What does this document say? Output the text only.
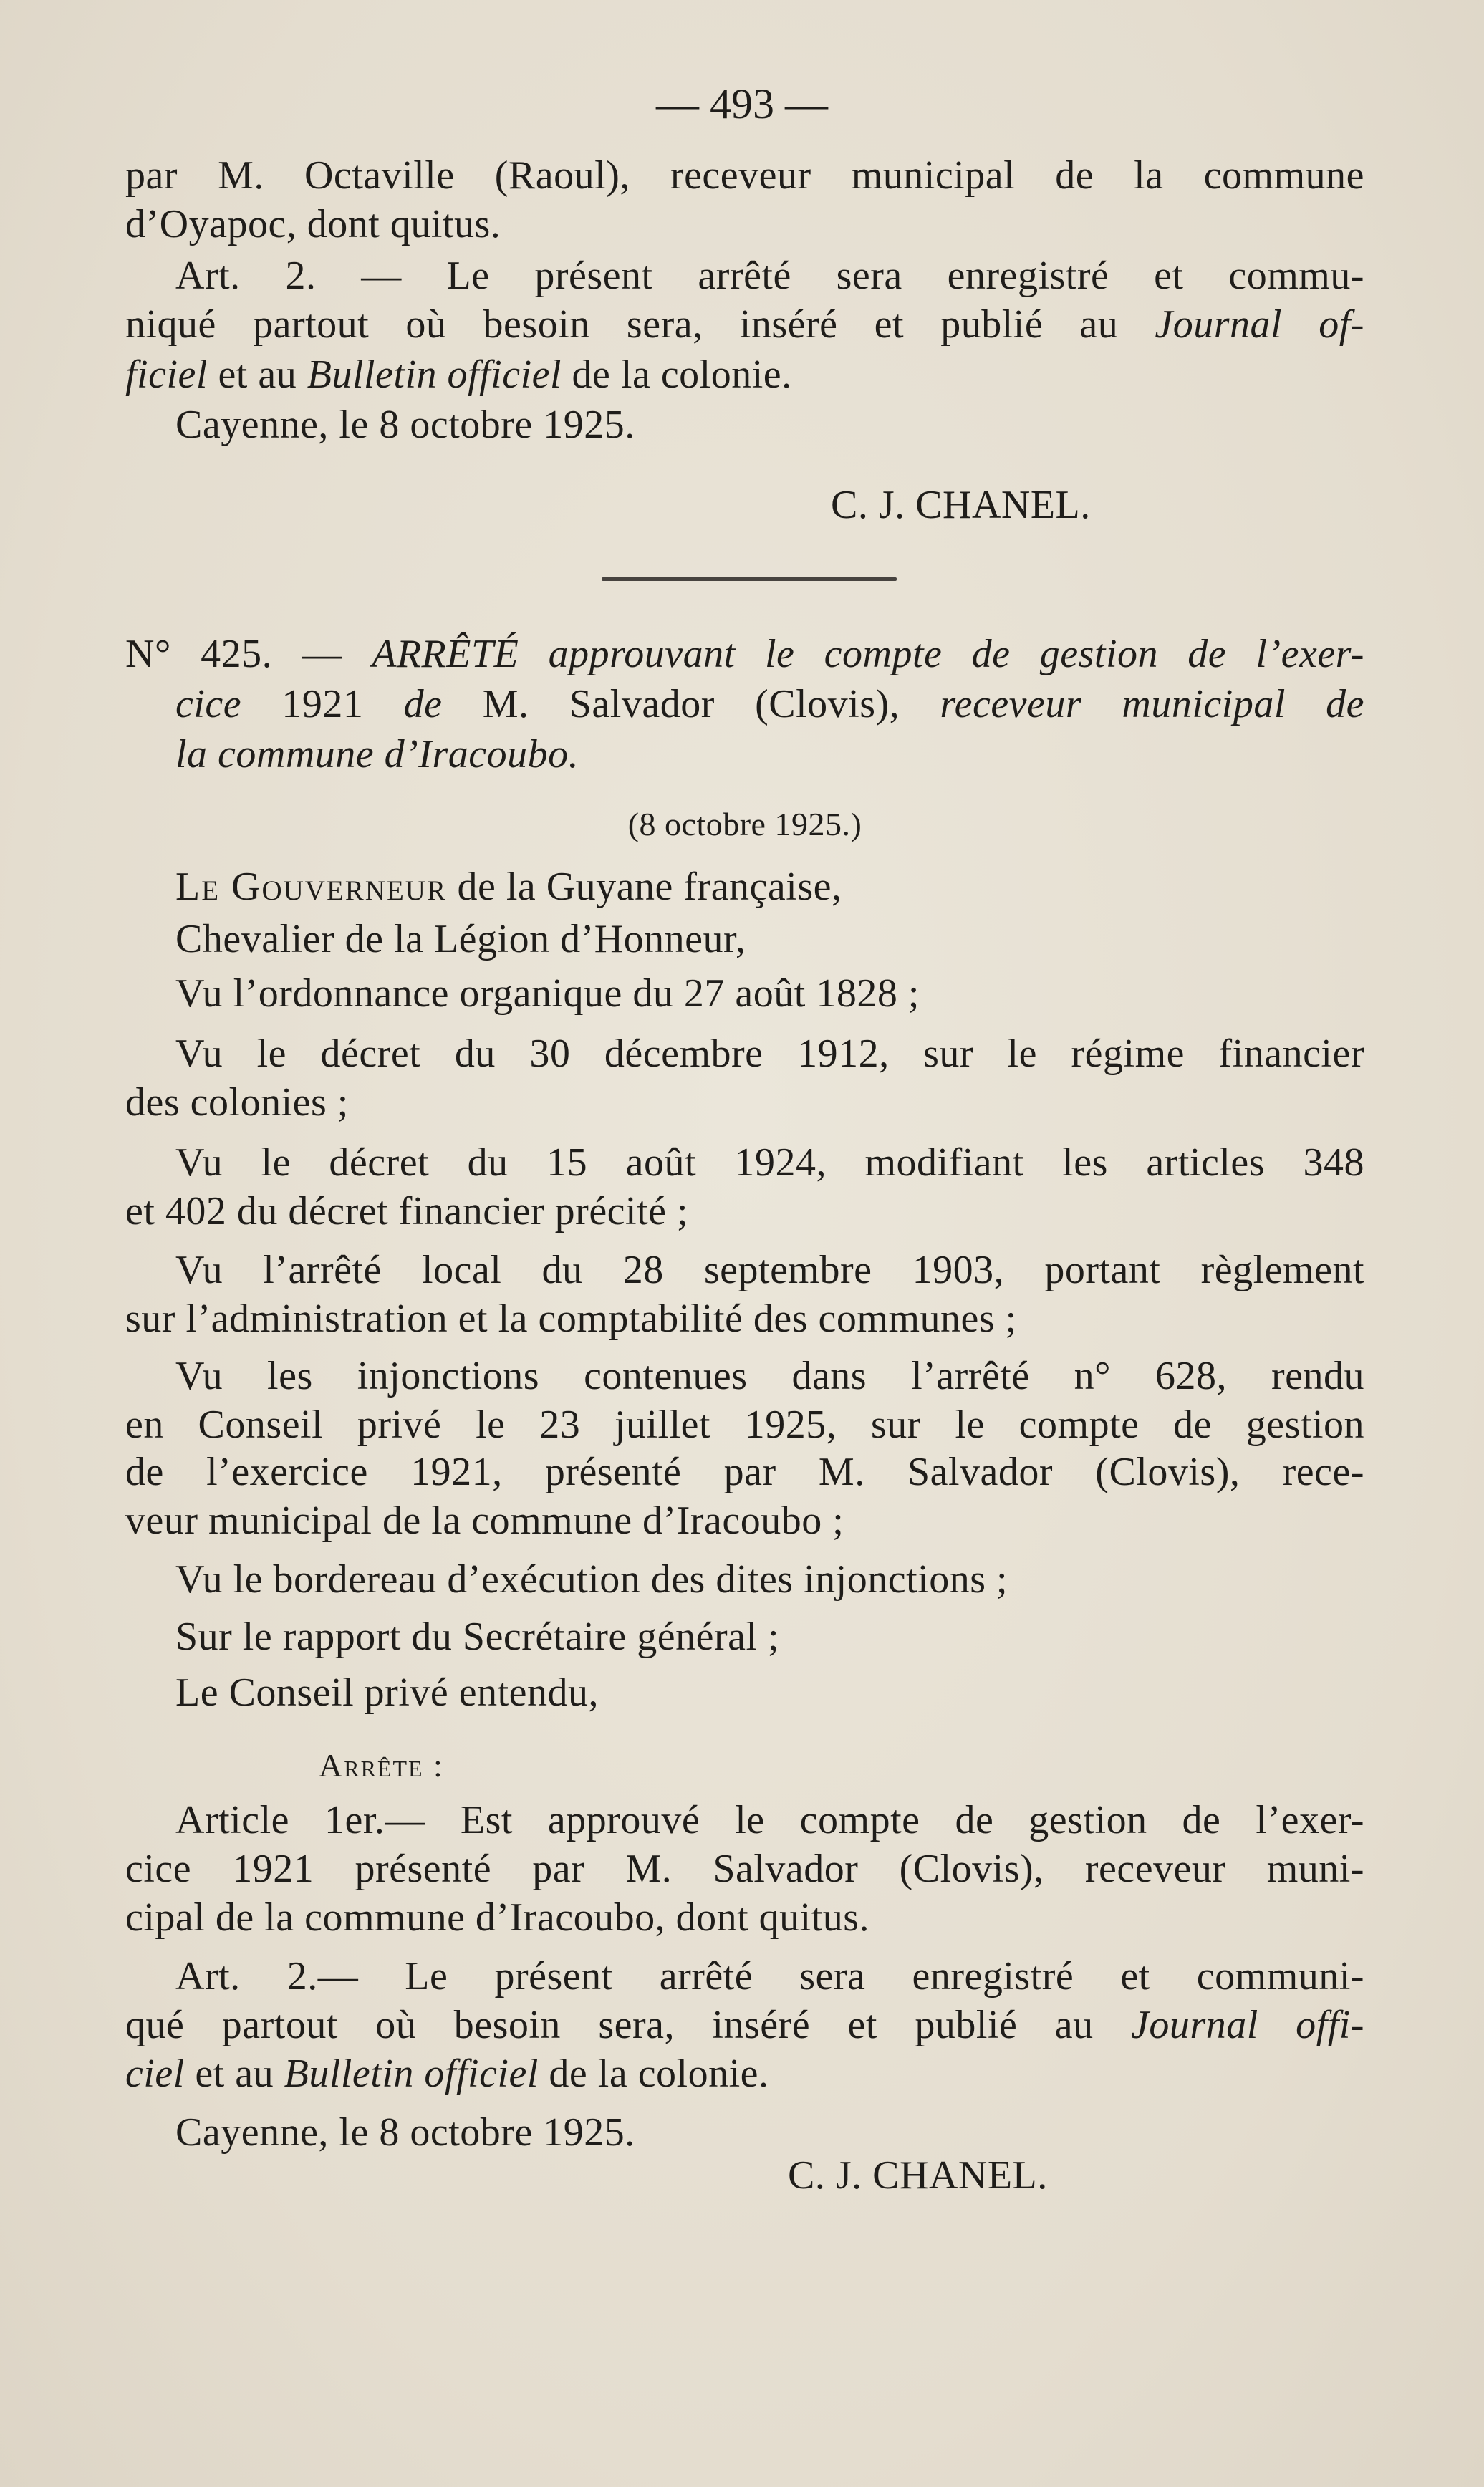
— 493 —
par M. Octaville (Raoul), receveur municipal de la commune
d’Oyapoc, dont quitus.
Art. 2. — Le présent arrêté sera enregistré et commu-
niqué partout où besoin sera, inséré et publié au Journal of-
ficiel et au Bulletin officiel de la colonie.
Cayenne, le 8 octobre 1925.
C. J. CHANEL.
N° 425. — ARRÊTÉ approuvant le compte de gestion de l’exer-
cice 1921 de M. Salvador (Clovis), receveur municipal de
la commune d’Iracoubo.
(8 octobre 1925.)
Le Gouverneur de la Guyane française,
Chevalier de la Légion d’Honneur,
Vu l’ordonnance organique du 27 août 1828 ;
Vu le décret du 30 décembre 1912, sur le régime financier
des colonies ;
Vu le décret du 15 août 1924, modifiant les articles 348
et 402 du décret financier précité ;
Vu l’arrêté local du 28 septembre 1903, portant règlement
sur l’administration et la comptabilité des communes ;
Vu les injonctions contenues dans l’arrêté n° 628, rendu
en Conseil privé le 23 juillet 1925, sur le compte de gestion
de l’exercice 1921, présenté par M. Salvador (Clovis), rece-
veur municipal de la commune d’Iracoubo ;
Vu le bordereau d’exécution des dites injonctions ;
Sur le rapport du Secrétaire général ;
Le Conseil privé entendu,
Arrête :
Article 1er.— Est approuvé le compte de gestion de l’exer-
cice 1921 présenté par M. Salvador (Clovis), receveur muni-
cipal de la commune d’Iracoubo, dont quitus.
Art. 2.— Le présent arrêté sera enregistré et communi-
qué partout où besoin sera, inséré et publié au Journal offi-
ciel et au Bulletin officiel de la colonie.
Cayenne, le 8 octobre 1925.
C. J. CHANEL.
